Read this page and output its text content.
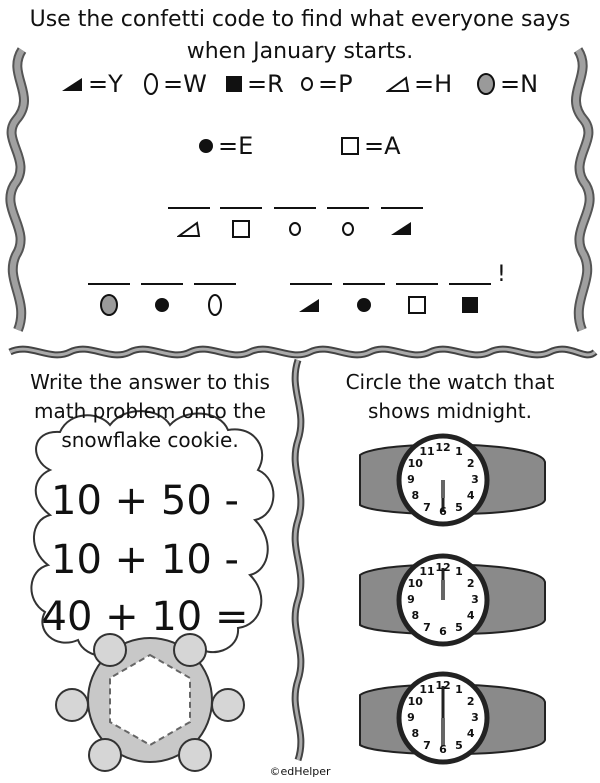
Use the confetti code to find what everyone says
when January starts.
=Y =W =R =P	=H =N
=E	=A
!
Write the answer to this
math problem onto the
snowflake cookie.
10 + 50 -
10 + 10 -
40 + 10 =
Circle the watch that
shows midnight.
12 1
2
3
4
5
6
7
8
9
10
11
12 1
2
3
4
5
6
7
8
9
10
11
12 1
2
3
4
5
6
7
8
9
10
11
©edHelper
